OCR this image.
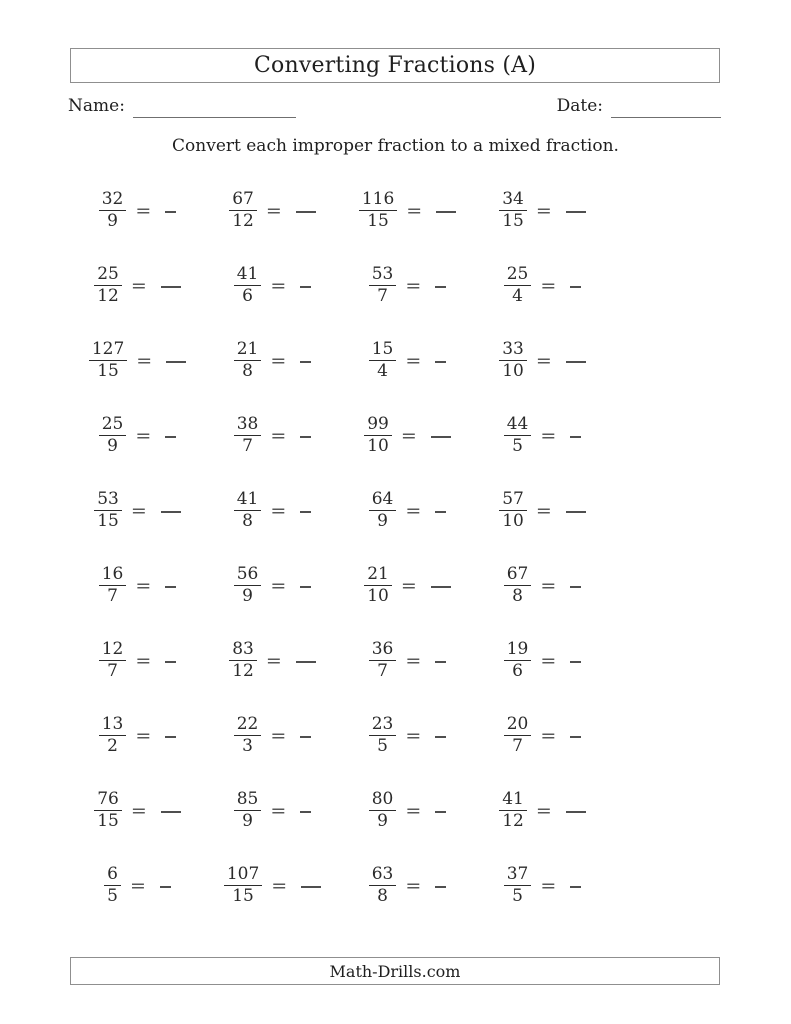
Converting Fractions (A)
Name:	Date:
Convert each improper fraction to a mixed fraction.
$\frac{32}{9}$ =	$\frac{67}{12}$ =	$\frac{116}{15}$ =	$\frac{34}{15}$ =
$\frac{25}{12}$ =	$\frac{41}{6}$ =	$\frac{53}{7}$ =	$\frac{25}{4}$ =
$\frac{127}{15}$ =	$\frac{21}{8}$ =	$\frac{15}{4}$ =	$\frac{33}{10}$ =
$\frac{25}{9}$ =	$\frac{38}{7}$ =	$\frac{99}{10}$ =	$\frac{44}{5}$ =
$\frac{53}{15}$ =	$\frac{41}{8}$ =	$\frac{64}{9}$ =	$\frac{57}{10}$ =
$\frac{16}{7}$ =	$\frac{56}{9}$ =	$\frac{21}{10}$ =	$\frac{67}{8}$ =
$\frac{12}{7}$ =	$\frac{83}{12}$ =	$\frac{36}{7}$ =	$\frac{19}{6}$ =
$\frac{13}{2}$ =	$\frac{22}{3}$ =	$\frac{23}{5}$ =	$\frac{20}{7}$ =
$\frac{76}{15}$ =	$\frac{85}{9}$ =	$\frac{80}{9}$ =	$\frac{41}{12}$ =
$\frac{6}{5}$ =	$\frac{107}{15}$ =	$\frac{63}{8}$ =	$\frac{37}{5}$ =
Math-Drills.com
